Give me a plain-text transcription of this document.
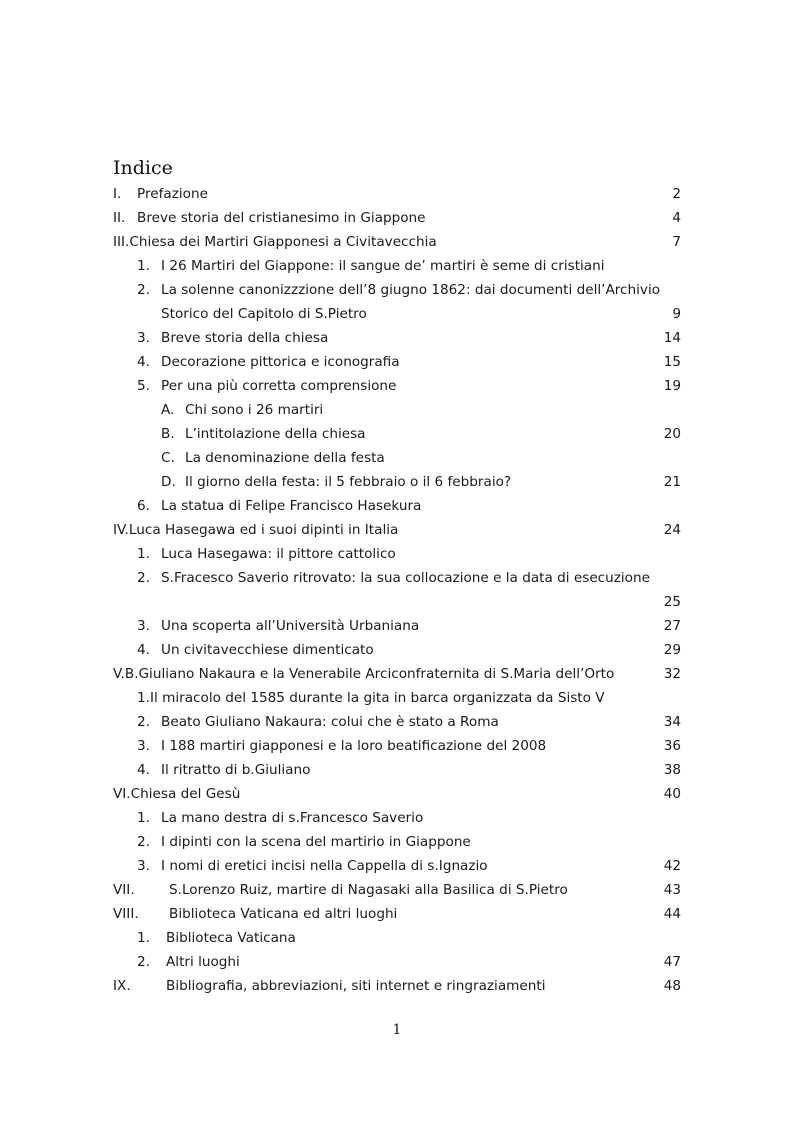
Indice
I. Prefazione	2
II. Breve storia del cristianesimo in Giappone	4
III.Chiesa dei Martiri Giapponesi a Civitavecchia	7
1. I 26 Martiri del Giappone: il sangue de’ martiri è seme di cristiani
2. La solenne canonizzzione dell’8 giugno 1862: dai documenti dell’Archivio
Storico del Capitolo di S.Pietro	9
3. Breve storia della chiesa	14
4. Decorazione pittorica e iconografia	15
5. Per una più corretta comprensione	19
A. Chi sono i 26 martiri
B. L’intitolazione della chiesa	20
C. La denominazione della festa
D. Il giorno della festa: il 5 febbraio o il 6 febbraio?	21
6. La statua di Felipe Francisco Hasekura
IV.Luca Hasegawa ed i suoi dipinti in Italia	24
1. Luca Hasegawa: il pittore cattolico
2. S.Fracesco Saverio ritrovato: la sua collocazione e la data di esecuzione
25
3. Una scoperta all’Università Urbaniana	27
4. Un civitavecchiese dimenticato	29
V.B.Giuliano Nakaura e la Venerabile Arciconfraternita di S.Maria dell’Orto	32
1.Il miracolo del 1585 durante la gita in barca organizzata da Sisto V
2. Beato Giuliano Nakaura: colui che è stato a Roma	34
3. I 188 martiri giapponesi e la loro beatificazione del 2008	36
4. Il ritratto di b.Giuliano	38
VI.Chiesa del Gesù	40
1. La mano destra di s.Francesco Saverio
2. I dipinti con la scena del martirio in Giappone
3. I nomi di eretici incisi nella Cappella di s.Ignazio	42
VII.	S.Lorenzo Ruiz, martire di Nagasaki alla Basilica di S.Pietro	43
VIII. Biblioteca Vaticana ed altri luoghi	44
1. Biblioteca Vaticana
2. Altri luoghi	47
IX.	Bibliografia, abbreviazioni, siti internet e ringraziamenti	48
1
